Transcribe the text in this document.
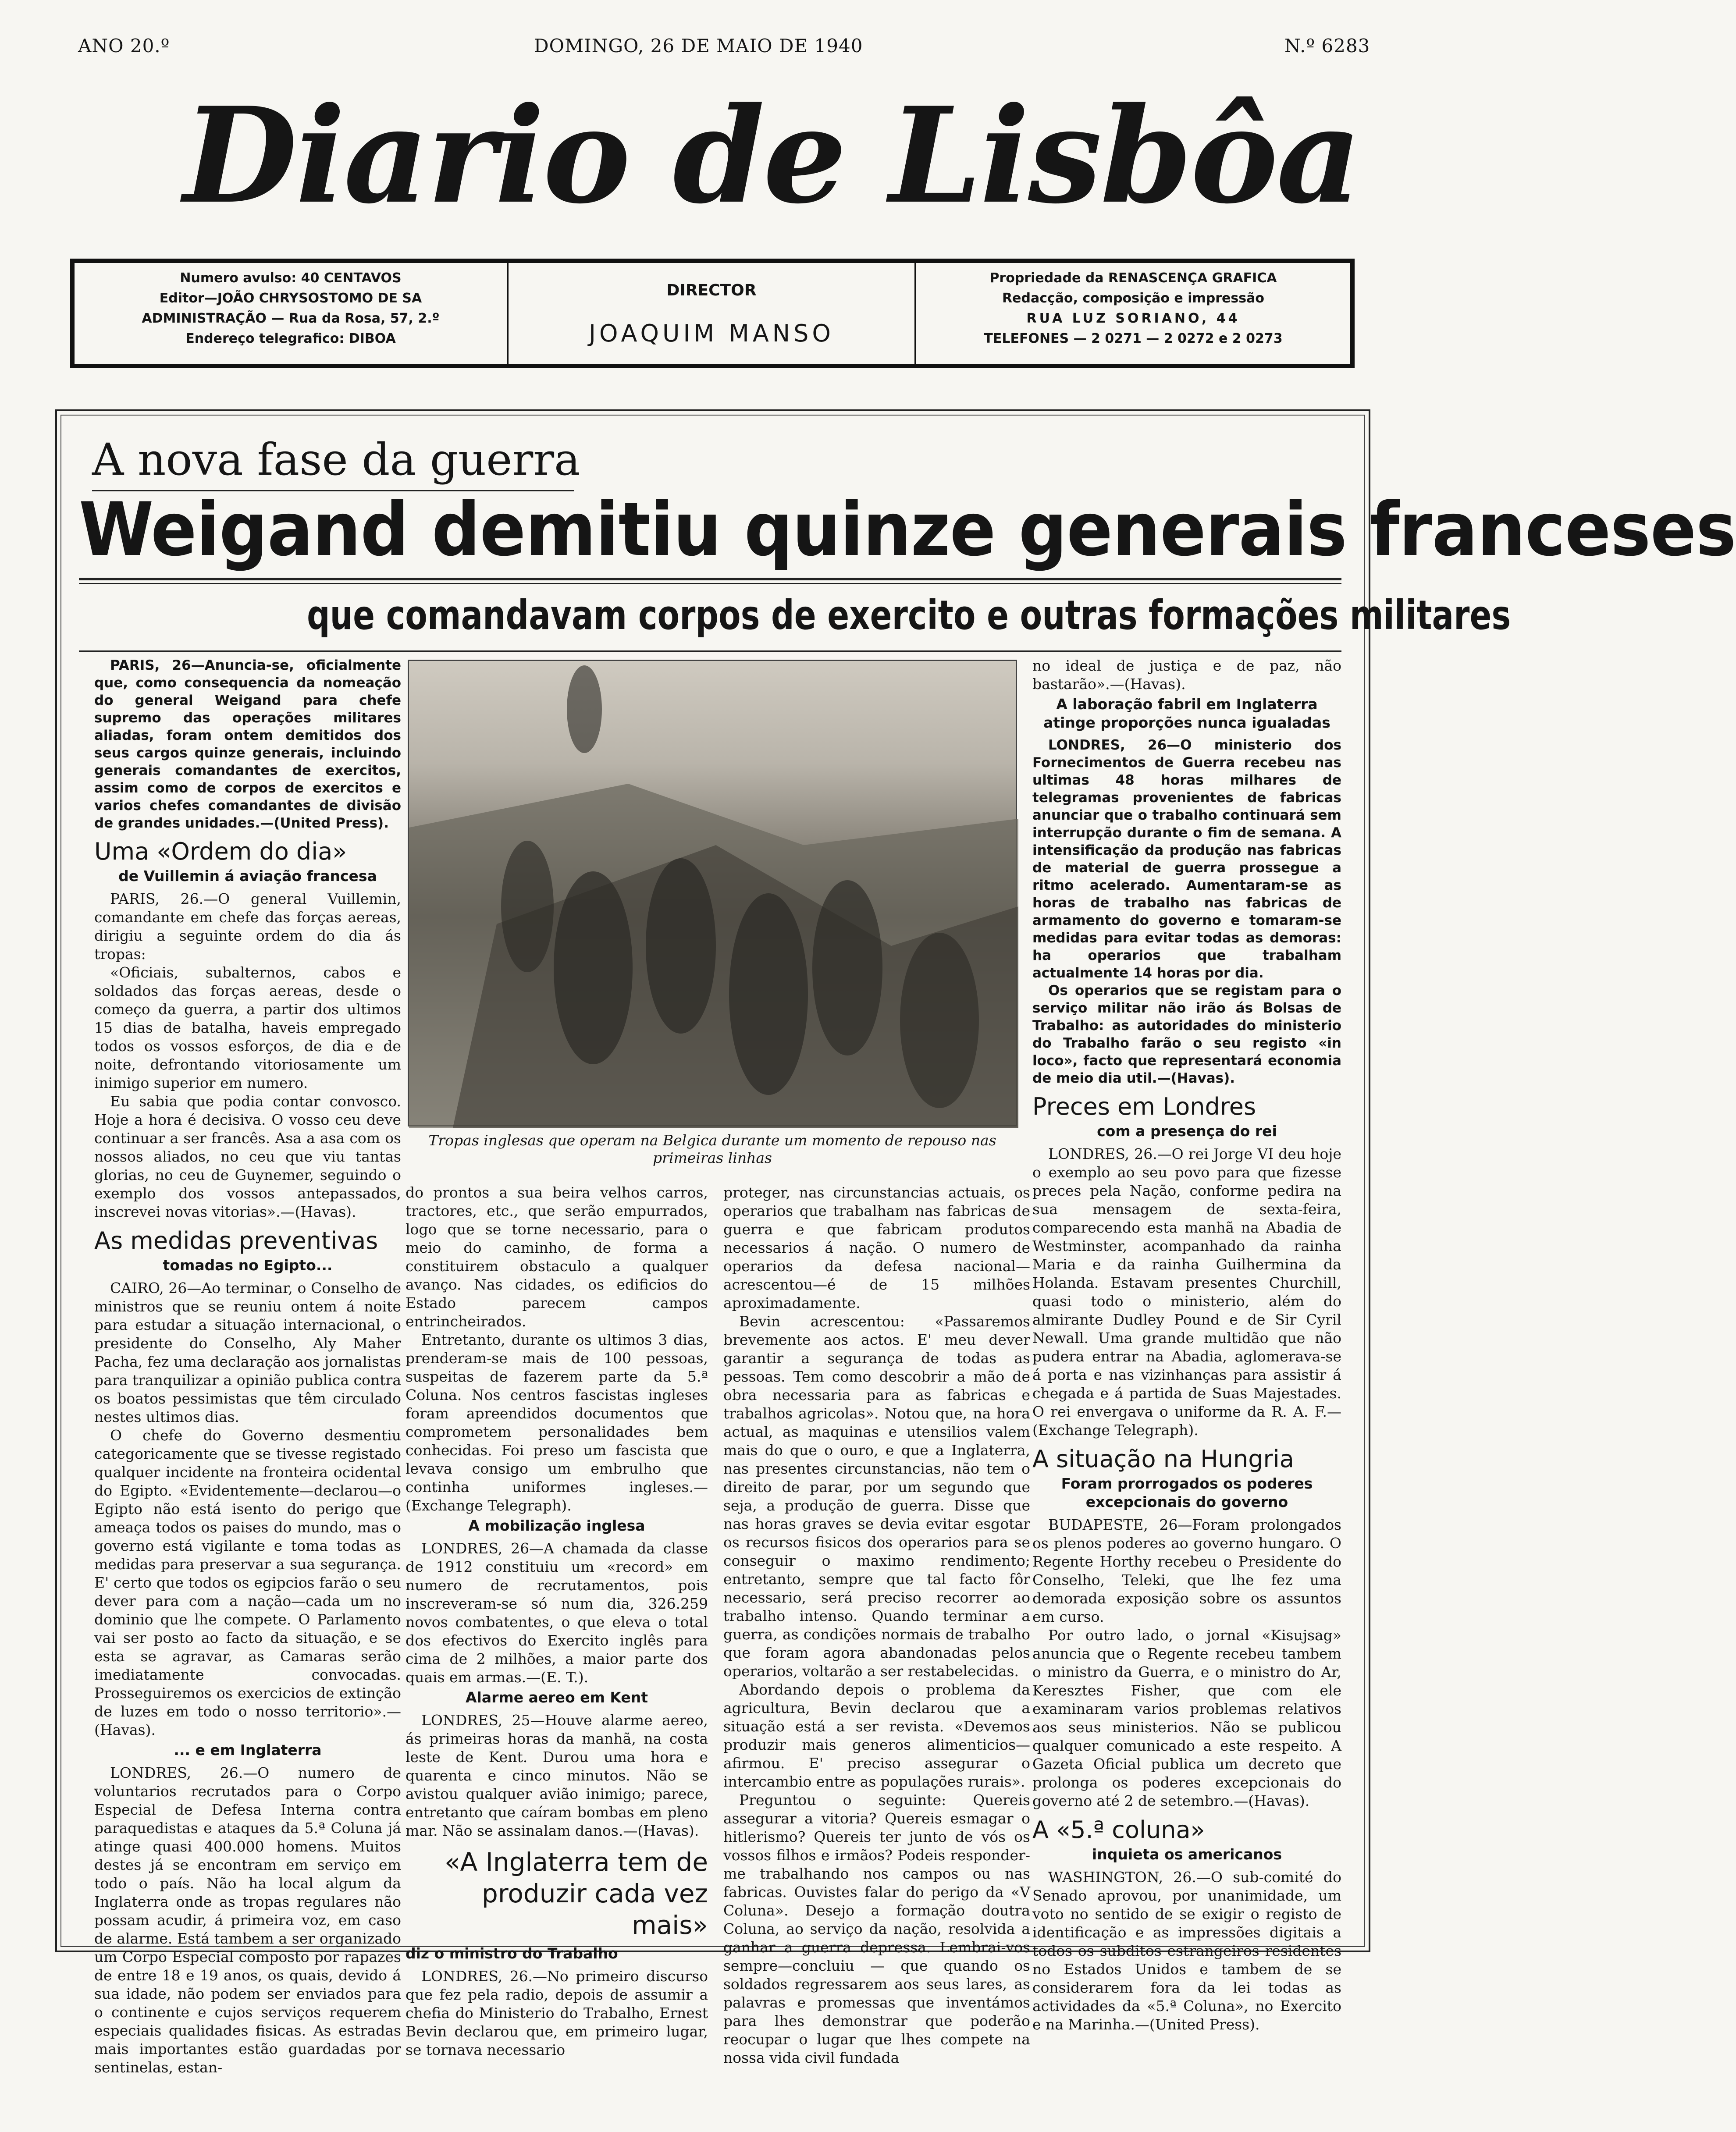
ANO 20.º	DOMINGO, 26 DE MAIO DE 1940	N.º 6283
Diario de Lisbôa
Numero avulso: 40 CENTAVOS
Editor—JOÃO CHRYSOSTOMO DE SA
ADMINISTRAÇÃO — Rua da Rosa, 57, 2.º
Endereço telegrafico: DIBOA
DIRECTOR
JOAQUIM MANSO
Propriedade da RENASCENÇA GRAFICA
Redacção, composição e impressão
RUA LUZ SORIANO, 44
TELEFONES — 2 0271 — 2 0272 e 2 0273
A nova fase da guerra
Weigand demitiu quinze generais franceses
que comandavam corpos de exercito e outras formações militares

PARIS, 26—Anuncia-se, oficialmente que, como consequencia da nomeação do general Weigand para chefe supremo das operações militares aliadas, foram ontem demitidos dos seus cargos quinze generais, incluindo generais comandantes de exercitos, assim como de corpos de exercitos e varios chefes comandantes de divisão de grandes unidades.—(United Press).

Uma «Ordem do dia»
de Vuillemin á aviação francesa

PARIS, 26.—O general Vuillemin, comandante em chefe das forças aereas, dirigiu a seguinte ordem do dia ás tropas:

«Oficiais, subalternos, cabos e soldados das forças aereas, desde o começo da guerra, a partir dos ultimos 15 dias de batalha, haveis empregado todos os vossos esforços, de dia e de noite, defrontando vitoriosamente um inimigo superior em numero.

Eu sabia que podia contar convosco. Hoje a hora é decisiva. O vosso ceu deve continuar a ser francês. Asa a asa com os nossos aliados, no ceu que viu tantas glorias, no ceu de Guynemer, seguindo o exemplo dos vossos antepassados, inscrevei novas vitorias».—(Havas).

As medidas preventivas
tomadas no Egipto...

CAIRO, 26—Ao terminar, o Conselho de ministros que se reuniu ontem á noite para estudar a situação internacional, o presidente do Conselho, Aly Maher Pacha, fez uma declaração aos jornalistas para tranquilizar a opinião publica contra os boatos pessimistas que têm circulado nestes ultimos dias.

O chefe do Governo desmentiu categoricamente que se tivesse registado qualquer incidente na fronteira ocidental do Egipto. «Evidentemente—declarou—o Egipto não está isento do perigo que ameaça todos os paises do mundo, mas o governo está vigilante e toma todas as medidas para preservar a sua segurança. E' certo que todos os egipcios farão o seu dever para com a nação—cada um no dominio que lhe compete. O Parlamento vai ser posto ao facto da situação, e se esta se agravar, as Camaras serão imediatamente convocadas. Prosseguiremos os exercicios de extinção de luzes em todo o nosso territorio».—(Havas).

... e em Inglaterra

LONDRES, 26.—O numero de voluntarios recrutados para o Corpo Especial de Defesa Interna contra paraquedistas e ataques da 5.ª Coluna já atinge quasi 400.000 homens. Muitos destes já se encontram em serviço em todo o país. Não ha local algum da Inglaterra onde as tropas regulares não possam acudir, á primeira voz, em caso de alarme. Está tambem a ser organizado um Corpo Especial composto por rapazes de entre 18 e 19 anos, os quais, devido á sua idade, não podem ser enviados para o continente e cujos serviços requerem especiais qualidades fisicas. As estradas mais importantes estão guardadas por sentinelas, estan-

Tropas inglesas que operam na Belgica durante um momento de repouso nas primeiras linhas

do prontos a sua beira velhos carros, tractores, etc., que serão empurrados, logo que se torne necessario, para o meio do caminho, de forma a constituirem obstaculo a qualquer avanço. Nas cidades, os edificios do Estado parecem campos entrincheirados.

Entretanto, durante os ultimos 3 dias, prenderam-se mais de 100 pessoas, suspeitas de fazerem parte da 5.ª Coluna. Nos centros fascistas ingleses foram apreendidos documentos que comprometem personalidades bem conhecidas. Foi preso um fascista que levava consigo um embrulho que continha uniformes ingleses.—(Exchange Telegraph).

A mobilização inglesa

LONDRES, 26—A chamada da classe de 1912 constituiu um «record» em numero de recrutamentos, pois inscreveram-se só num dia, 326.259 novos combatentes, o que eleva o total dos efectivos do Exercito inglês para cima de 2 milhões, a maior parte dos quais em armas.—(E. T.).

Alarme aereo em Kent

LONDRES, 25—Houve alarme aereo, ás primeiras horas da manhã, na costa leste de Kent. Durou uma hora e quarenta e cinco minutos. Não se avistou qualquer avião inimigo; parece, entretanto que caíram bombas em pleno mar. Não se assinalam danos.—(Havas).

«A Inglaterra tem de produzir cada vez mais»
diz o ministro do Trabalho

LONDRES, 26.—No primeiro discurso que fez pela radio, depois de assumir a chefia do Ministerio do Trabalho, Ernest Bevin declarou que, em primeiro lugar, se tornava necessario

proteger, nas circunstancias actuais, os operarios que trabalham nas fabricas de guerra e que fabricam produtos necessarios á nação. O numero de operarios da defesa nacional—acrescentou—é de 15 milhões aproximadamente.

Bevin acrescentou: «Passaremos brevemente aos actos. E' meu dever garantir a segurança de todas as pessoas. Tem como descobrir a mão de obra necessaria para as fabricas e trabalhos agricolas». Notou que, na hora actual, as maquinas e utensilios valem mais do que o ouro, e que a Inglaterra, nas presentes circunstancias, não tem o direito de parar, por um segundo que seja, a produção de guerra. Disse que nas horas graves se devia evitar esgotar os recursos fisicos dos operarios para se conseguir o maximo rendimento; entretanto, sempre que tal facto fôr necessario, será preciso recorrer ao trabalho intenso. Quando terminar a guerra, as condições normais de trabalho que foram agora abandonadas pelos operarios, voltarão a ser restabelecidas.

Abordando depois o problema da agricultura, Bevin declarou que a situação está a ser revista. «Devemos produzir mais generos alimenticios—afirmou. E' preciso assegurar o intercambio entre as populações rurais».

Preguntou o seguinte: Quereis assegurar a vitoria? Quereis esmagar o hitlerismo? Quereis ter junto de vós os vossos filhos e irmãos? Podeis responder-me trabalhando nos campos ou nas fabricas. Ouvistes falar do perigo da «V Coluna». Desejo a formação doutra Coluna, ao serviço da nação, resolvida a ganhar a guerra depressa. Lembrai-vos sempre—concluiu — que quando os soldados regressarem aos seus lares, as palavras e promessas que inventámos para lhes demonstrar que poderão reocupar o lugar que lhes compete na nossa vida civil fundada

no ideal de justiça e de paz, não bastarão».—(Havas).

A laboração fabril em Inglaterra atinge proporções nunca igualadas

LONDRES, 26—O ministerio dos Fornecimentos de Guerra recebeu nas ultimas 48 horas milhares de telegramas provenientes de fabricas anunciar que o trabalho continuará sem interrupção durante o fim de semana. A intensificação da produção nas fabricas de material de guerra prossegue a ritmo acelerado. Aumentaram-se as horas de trabalho nas fabricas de armamento do governo e tomaram-se medidas para evitar todas as demoras: ha operarios que trabalham actualmente 14 horas por dia.

Os operarios que se registam para o serviço militar não irão ás Bolsas de Trabalho: as autoridades do ministerio do Trabalho farão o seu registo «in loco», facto que representará economia de meio dia util.—(Havas).

Preces em Londres
com a presença do rei

LONDRES, 26.—O rei Jorge VI deu hoje o exemplo ao seu povo para que fizesse preces pela Nação, conforme pedira na sua mensagem de sexta-feira, comparecendo esta manhã na Abadia de Westminster, acompanhado da rainha Maria e da rainha Guilhermina da Holanda. Estavam presentes Churchill, quasi todo o ministerio, além do almirante Dudley Pound e de Sir Cyril Newall. Uma grande multidão que não pudera entrar na Abadia, aglomerava-se á porta e nas vizinhanças para assistir á chegada e á partida de Suas Majestades. O rei envergava o uniforme da R. A. F.—(Exchange Telegraph).

A situação na Hungria
Foram prorrogados os poderes excepcionais do governo

BUDAPESTE, 26—Foram prolongados os plenos poderes ao governo hungaro. O Regente Horthy recebeu o Presidente do Conselho, Teleki, que lhe fez uma demorada exposição sobre os assuntos em curso.

Por outro lado, o jornal «Kisujsag» anuncia que o Regente recebeu tambem o ministro da Guerra, e o ministro do Ar, Keresztes Fisher, que com ele examinaram varios problemas relativos aos seus ministerios. Não se publicou qualquer comunicado a este respeito. A Gazeta Oficial publica um decreto que prolonga os poderes excepcionais do governo até 2 de setembro.—(Havas).

A «5.ª coluna»
inquieta os americanos

WASHINGTON, 26.—O sub-comité do Senado aprovou, por unanimidade, um voto no sentido de se exigir o registo de identificação e as impressões digitais a todos os subditos estrangeiros residentes no Estados Unidos e tambem de se considerarem fora da lei todas as actividades da «5.ª Coluna», no Exercito e na Marinha.—(United Press).
